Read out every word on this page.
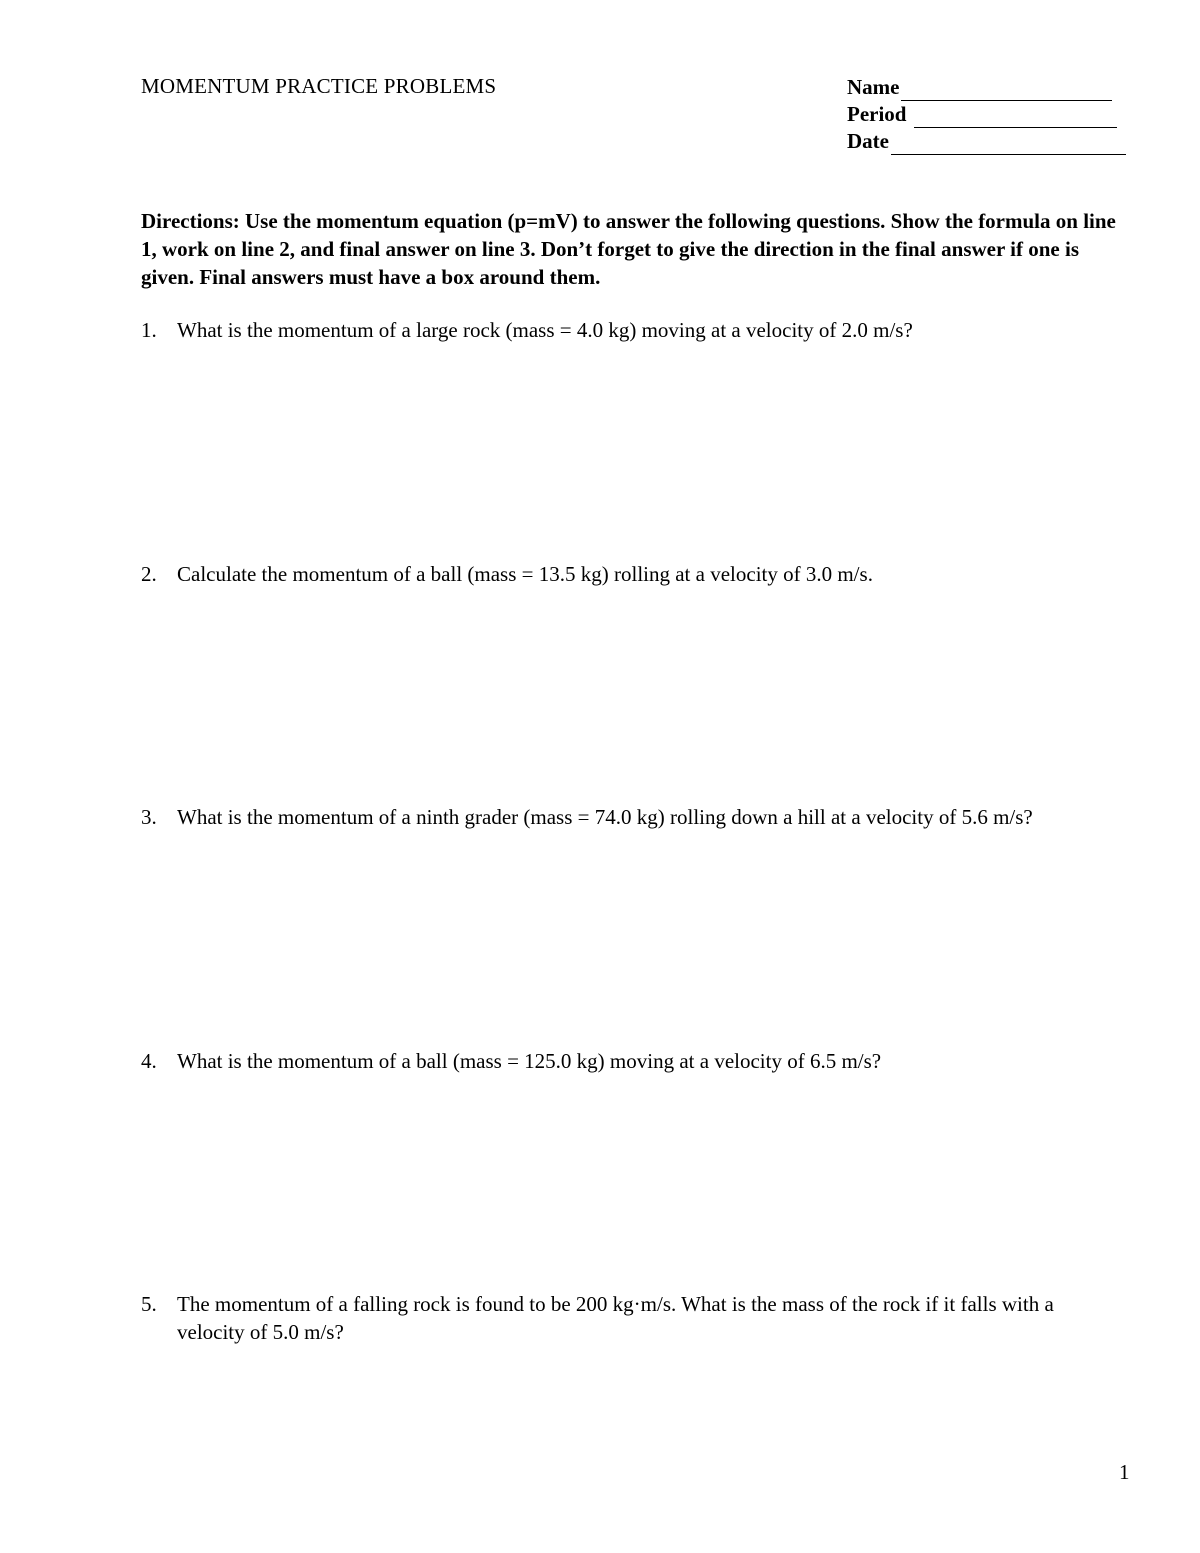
MOMENTUM PRACTICE PROBLEMS	Name
Period
Date
Directions: Use the momentum equation (p=mV) to answer the following questions. Show the formula on line 1, work on line 2, and final answer on line 3. Don’t forget to give the direction in the final answer if one is given. Final answers must have a box around them.
1. What is the momentum of a large rock (mass = 4.0 kg) moving at a velocity of 2.0 m/s?
2. Calculate the momentum of a ball (mass = 13.5 kg) rolling at a velocity of 3.0 m/s.
3. What is the momentum of a ninth grader (mass = 74.0 kg) rolling down a hill at a velocity of 5.6 m/s?
4. What is the momentum of a ball (mass = 125.0 kg) moving at a velocity of 6.5 m/s?
5. The momentum of a falling rock is found to be 200 kg·m/s. What is the mass of the rock if it falls with a velocity of 5.0 m/s?
1
